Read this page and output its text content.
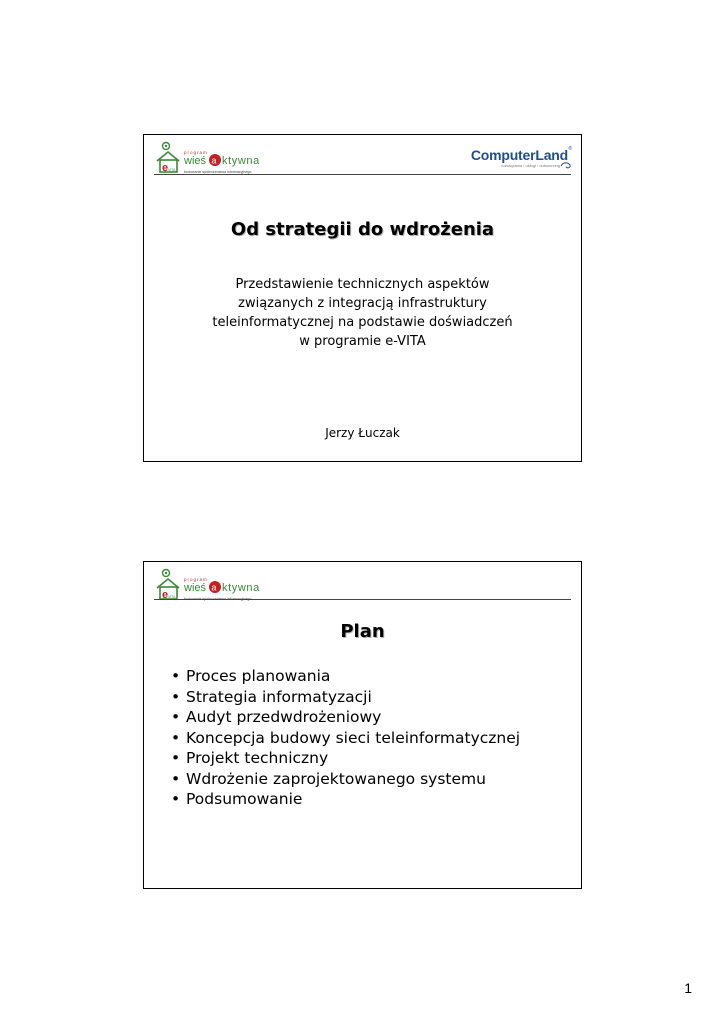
e VITA
program
wieś a ktywna
budowanie społeczeństwa informacyjnego
ComputerLand ®
rozwiązania / usługi / outsourcing
Od strategii do wdrożenia
Przedstawienie technicznych aspektów
związanych z integracją infrastruktury
teleinformatycznej na podstawie doświadczeń
w programie e-VITA
Jerzy Łuczak
e VITA
program
wieś a ktywna
budowanie społeczeństwa informacyjnego
Plan
• Proces planowania
• Strategia informatyzacji
• Audyt przedwdrożeniowy
• Koncepcja budowy sieci teleinformatycznej
• Projekt techniczny
• Wdrożenie zaprojektowanego systemu
• Podsumowanie
1
